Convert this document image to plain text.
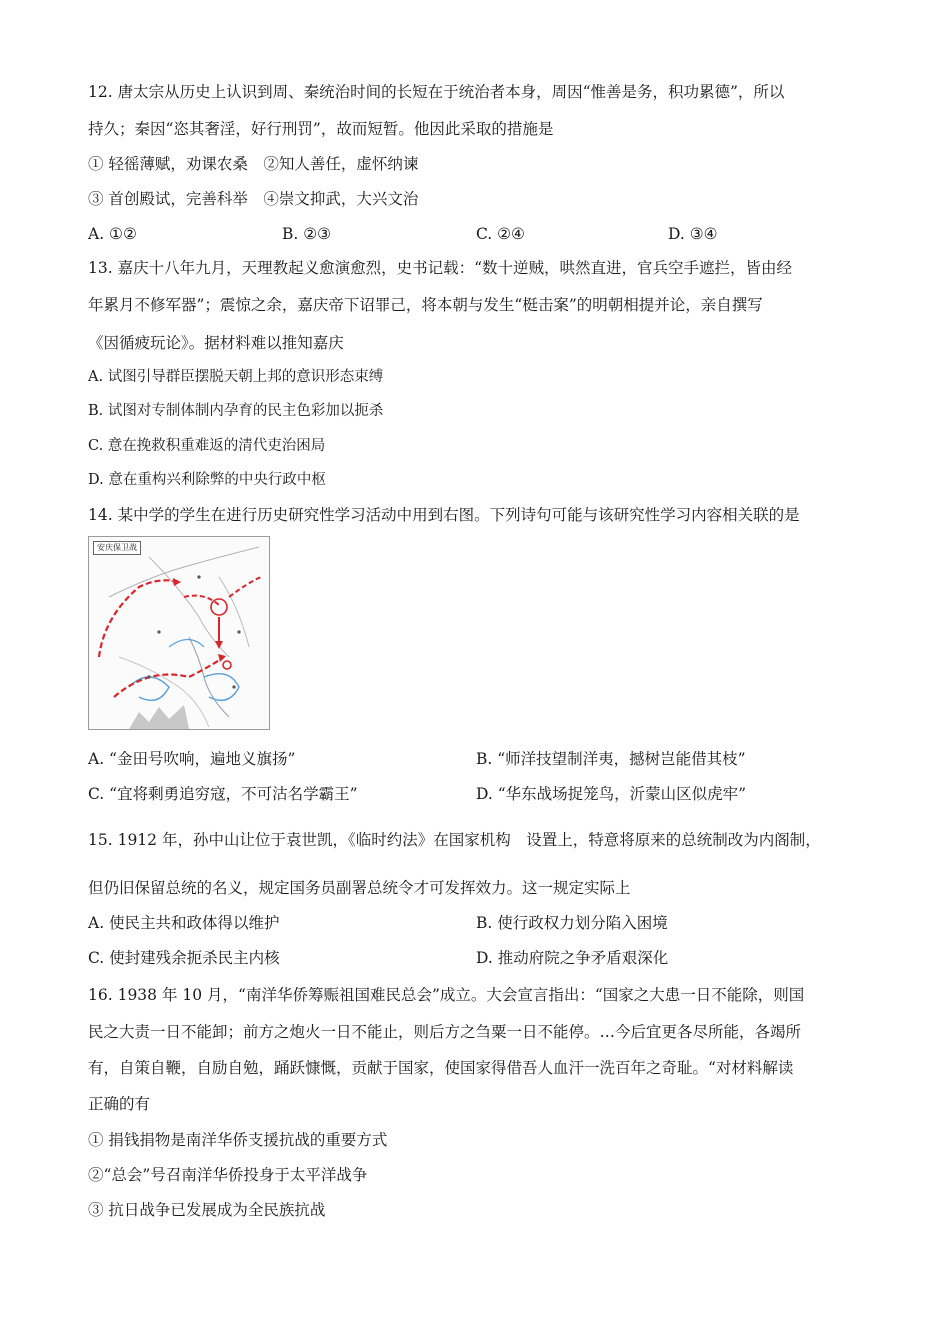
12. 唐太宗从历史上认识到周、秦统治时间的长短在于统治者本身，周因“惟善是务，积功累德”，所以
持久；秦因“恣其奢淫，好行刑罚”，故而短暂。他因此采取的措施是
① 轻徭薄赋，劝课农桑　②知人善任，虚怀纳谏
③ 首创殿试，完善科举　④崇文抑武，大兴文治
A. ①②	B. ②③	C. ②④	D. ③④
13. 嘉庆十八年九月，天理教起义愈演愈烈，史书记载：“数十逆贼，哄然直进，官兵空手遮拦，皆由经
年累月不修军器”；震惊之余，嘉庆帝下诏罪己，将本朝与发生“梃击案”的明朝相提并论，亲自撰写
《因循疲玩论》。据材料难以推知嘉庆
A. 试图引导群臣摆脱天朝上邦的意识形态束缚
B. 试图对专制体制内孕育的民主色彩加以扼杀
C. 意在挽救积重难返的清代吏治困局
D. 意在重构兴利除弊的中央行政中枢
14. 某中学的学生在进行历史研究性学习活动中用到右图。下列诗句可能与该研究性学习内容相关联的是
安庆保卫战
A. “金田号吹响，遍地义旗扬”	B. “师洋技望制洋夷，撼树岂能借其枝”
C. “宜将剩勇追穷寇，不可沽名学霸王”	D. “华东战场捉笼鸟，沂蒙山区似虎牢”
15. 1912 年，孙中山让位于袁世凯，《临时约法》在国家机构　设置上，特意将原来的总统制改为内阁制，
但仍旧保留总统的名义，规定国务员副署总统令才可发挥效力。这一规定实际上
A. 使民主共和政体得以维护	B. 使行政权力划分陷入困境
C. 使封建残余扼杀民主内核	D. 推动府院之争矛盾艰深化
16. 1938 年 10 月，“南洋华侨筹赈祖国难民总会”成立。大会宣言指出：“国家之大患一日不能除，则国
民之大责一日不能卸；前方之炮火一日不能止，则后方之刍粟一日不能停。…今后宜更各尽所能，各竭所
有，自策自鞭，自励自勉，踊跃慷慨，贡献于国家，使国家得借吾人血汗一洗百年之奇耻。“对材料解读
正确的有
① 捐钱捐物是南洋华侨支援抗战的重要方式
②“总会”号召南洋华侨投身于太平洋战争
③ 抗日战争已发展成为全民族抗战
